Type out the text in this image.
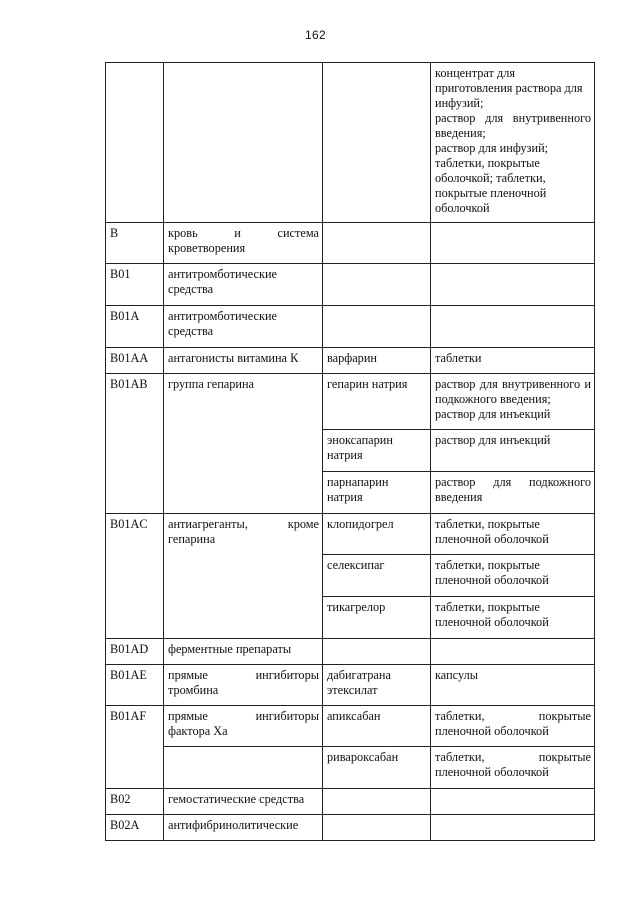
162

			концентрат для приготовления раствора для инфузий;
раствор для внутривенного введения;
раствор для инфузий;
таблетки, покрытые оболочкой; таблетки, покрытые пленочной оболочкой

B	кровь и система кроветворения		
B01	антитромботические средства		
B01A	антитромботические средства		
B01AA	антагонисты витамина К	варфарин	таблетки

B01AB	группа гепарина	гепарин натрия	раствор для внутривенного и подкожного введения;
раствор для инъекций

		эноксапарин натрия	раствор для инъекций

		парнапарин натрия	раствор для подкожного введения

B01AC	антиагреганты, кроме гепарина	клопидогрел	таблетки, покрытые пленочной оболочкой

		селексипаг	таблетки, покрытые пленочной оболочкой

		тикагрелор	таблетки, покрытые пленочной оболочкой

B01AD	ферментные препараты		
B01AE	прямые ингибиторы тромбина	дабигатрана этексилат	капсулы

B01AF	прямые ингибиторы фактора Ха	апиксабан	таблетки, покрытые пленочной оболочкой

		ривароксабан	таблетки, покрытые пленочной оболочкой

B02	гемостатические средства		
B02A	антифибринолитические		
